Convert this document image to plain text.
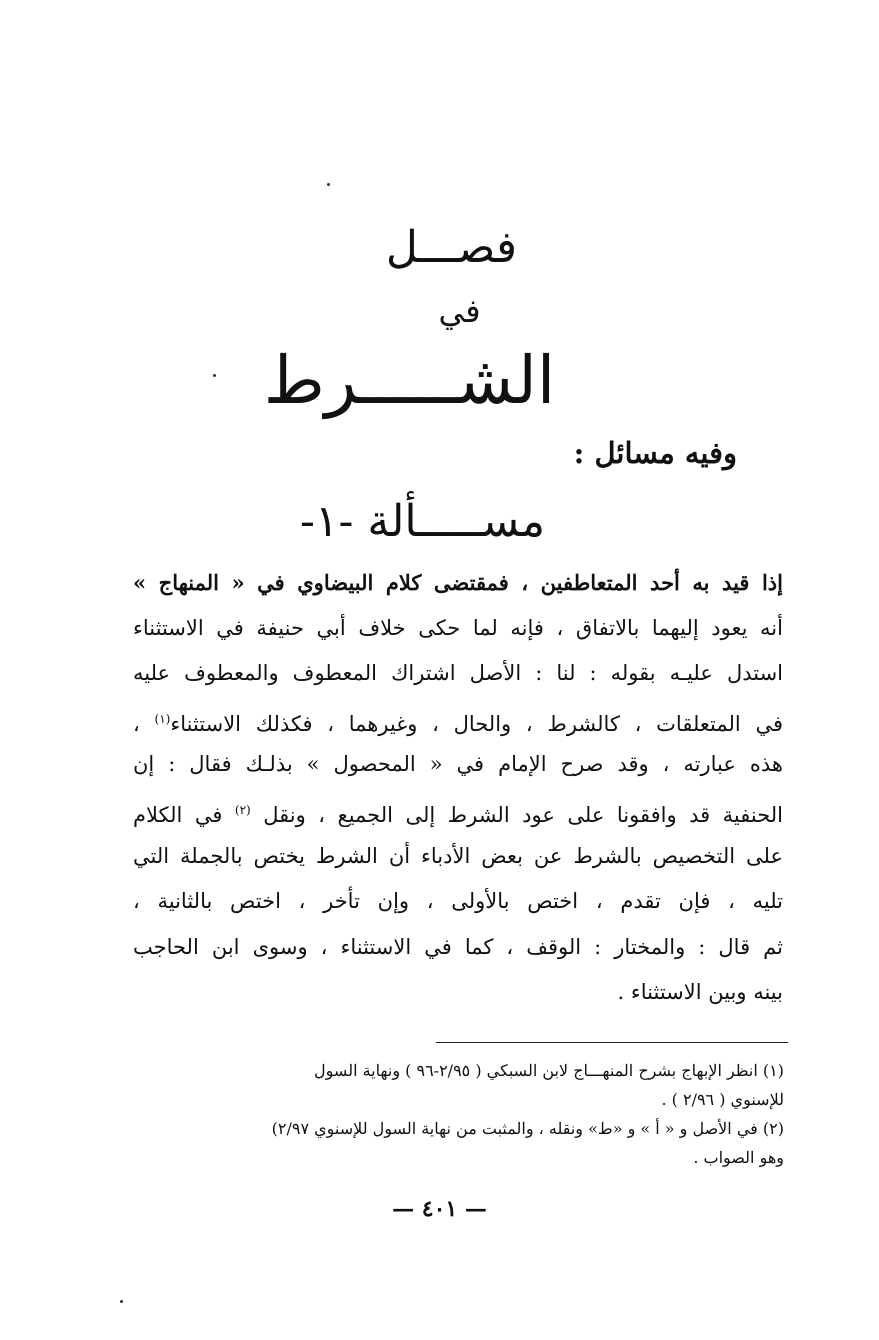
فصـــل
في
الشـــــرط
وفيه مسائل :
مســـــألة -١-
إذا قيد به أحد المتعاطفين ، فمقتضى كلام البيضاوي في « المنهاج »
أنه يعود إليهما بالاتفاق ، فإنه لما حكى خلاف أبي حنيفة في الاستثناء
استدل عليـه بقوله : لنا : الأصل اشتراك المعطوف والمعطوف عليه
في المتعلقات ، كالشرط ، والحال ، وغيرهما ، فكذلك الاستثناء$^{(١)}$ ،
هذه عبارته ، وقد صرح الإمام في « المحصول » بذلـك فقال : إن
الحنفية قد وافقونا على عود الشرط إلى الجميع ، ونقل $^{(٢)}$ في الكلام
على التخصيص بالشرط عن بعض الأدباء أن الشرط يختص بالجملة التي
تليه ، فإن تقدم ، اختص بالأولى ، وإن تأخر ، اختص بالثانية ،
ثم قال : والمختار : الوقف ، كما في الاستثناء ، وسوى ابن الحاجب
بينه وبين الاستثناء .
(١) انظر الإبهاج بشرح المنهـــاج لابن السبكي ( ٢/٩٥-٩٦ ) ونهاية السول
للإسنوي ( ٢/٩٦ ) .
(٢) في الأصل و « أ » و «ط» ونقله ، والمثبت من نهاية السول للإسنوي ٢/٩٧)
وهو الصواب .
— ٤٠١ —
